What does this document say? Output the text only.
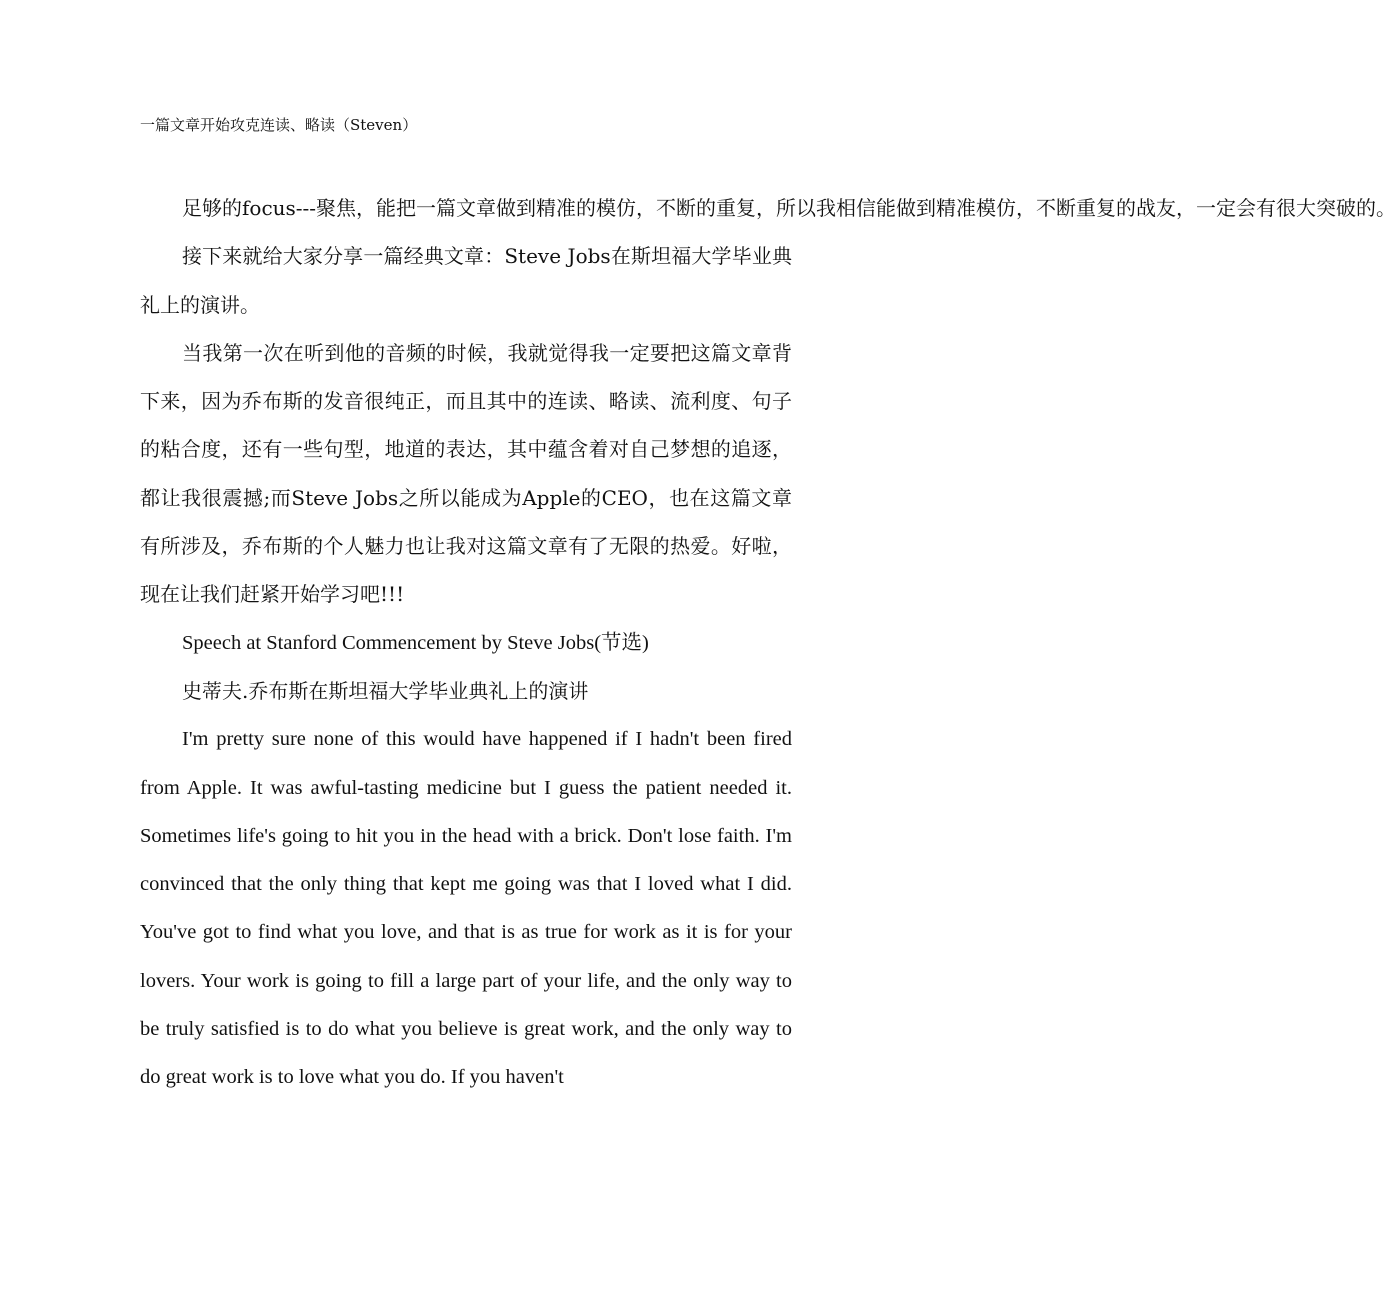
一篇文章开始攻克连读、略读（Steven）

足够的focus---聚焦，能把一篇文章做到精准的模仿，不断的重复，所以我相信能做到精准模仿，不断重复的战友，一定会有很大突破的。

接下来就给大家分享一篇经典文章：Steve Jobs在斯坦福大学毕业典礼上的演讲。

当我第一次在听到他的音频的时候，我就觉得我一定要把这篇文章背下来，因为乔布斯的发音很纯正，而且其中的连读、略读、流利度、句子的粘合度，还有一些句型，地道的表达，其中蕴含着对自己梦想的追逐，都让我很震撼;而Steve Jobs之所以能成为Apple的CEO，也在这篇文章有所涉及，乔布斯的个人魅力也让我对这篇文章有了无限的热爱。好啦，现在让我们赶紧开始学习吧!!!

Speech at Stanford Commencement by Steve Jobs(节选)

史蒂夫.乔布斯在斯坦福大学毕业典礼上的演讲

I'm pretty sure none of this would have happened if I hadn't been fired from Apple. It was awful-tasting medicine but I guess the patient needed it. Sometimes life's going to hit you in the head with a brick. Don't lose faith. I'm convinced that the only thing that kept me going was that I loved what I did. You've got to find what you love, and that is as true for work as it is for your lovers. Your work is going to fill a large part of your life, and the only way to be truly satisfied is to do what you believe is great work, and the only way to do great work is to love what you do. If you haven't
